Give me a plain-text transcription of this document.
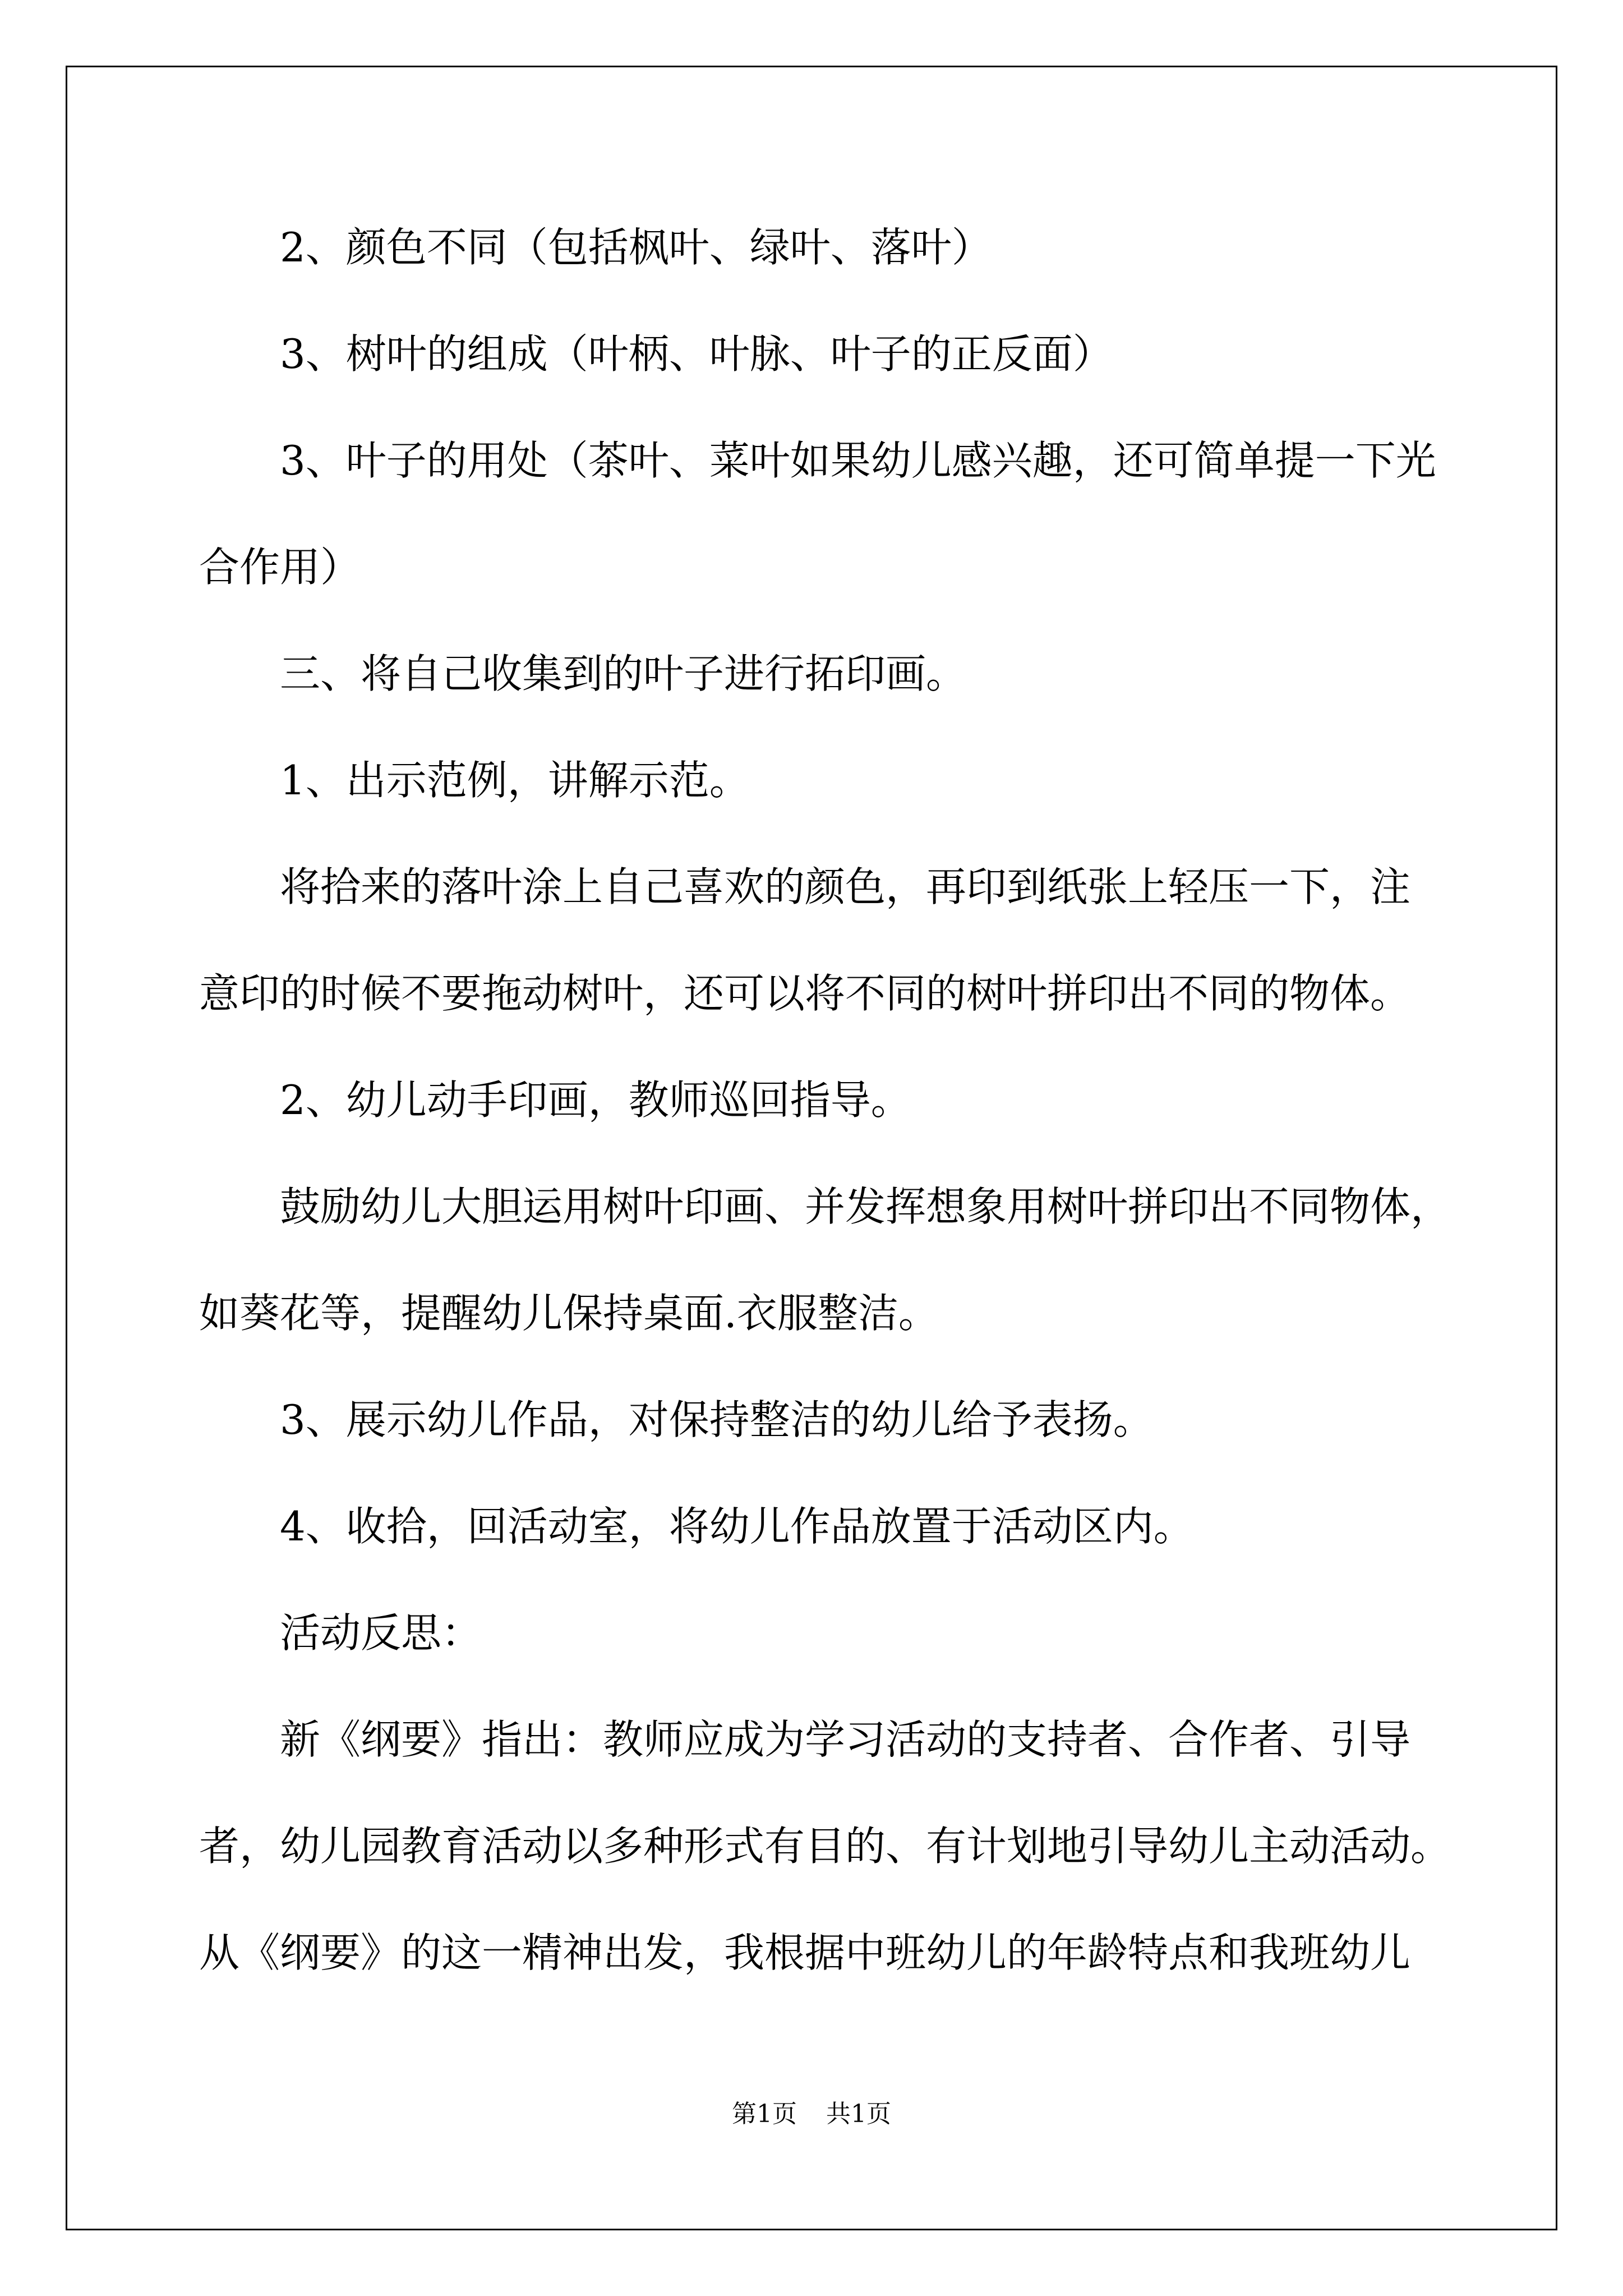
2、颜色不同（包括枫叶、绿叶、落叶）
3、树叶的组成（叶柄、叶脉、叶子的正反面）
3、叶子的用处（茶叶、菜叶如果幼儿感兴趣，还可简单提一下光
合作用）
三、将自己收集到的叶子进行拓印画。
1、出示范例，讲解示范。
将拾来的落叶涂上自己喜欢的颜色，再印到纸张上轻压一下，注
意印的时候不要拖动树叶，还可以将不同的树叶拼印出不同的物体。
2、幼儿动手印画，教师巡回指导。
鼓励幼儿大胆运用树叶印画、并发挥想象用树叶拼印出不同物体，
如葵花等，提醒幼儿保持桌面.衣服整洁。
3、展示幼儿作品，对保持整洁的幼儿给予表扬。
4、收拾，回活动室，将幼儿作品放置于活动区内。
活动反思：
新《纲要》指出：教师应成为学习活动的支持者、合作者、引导
者，幼儿园教育活动以多种形式有目的、有计划地引导幼儿主动活动。
从《纲要》的这一精神出发，我根据中班幼儿的年龄特点和我班幼儿
第1页 共1页
